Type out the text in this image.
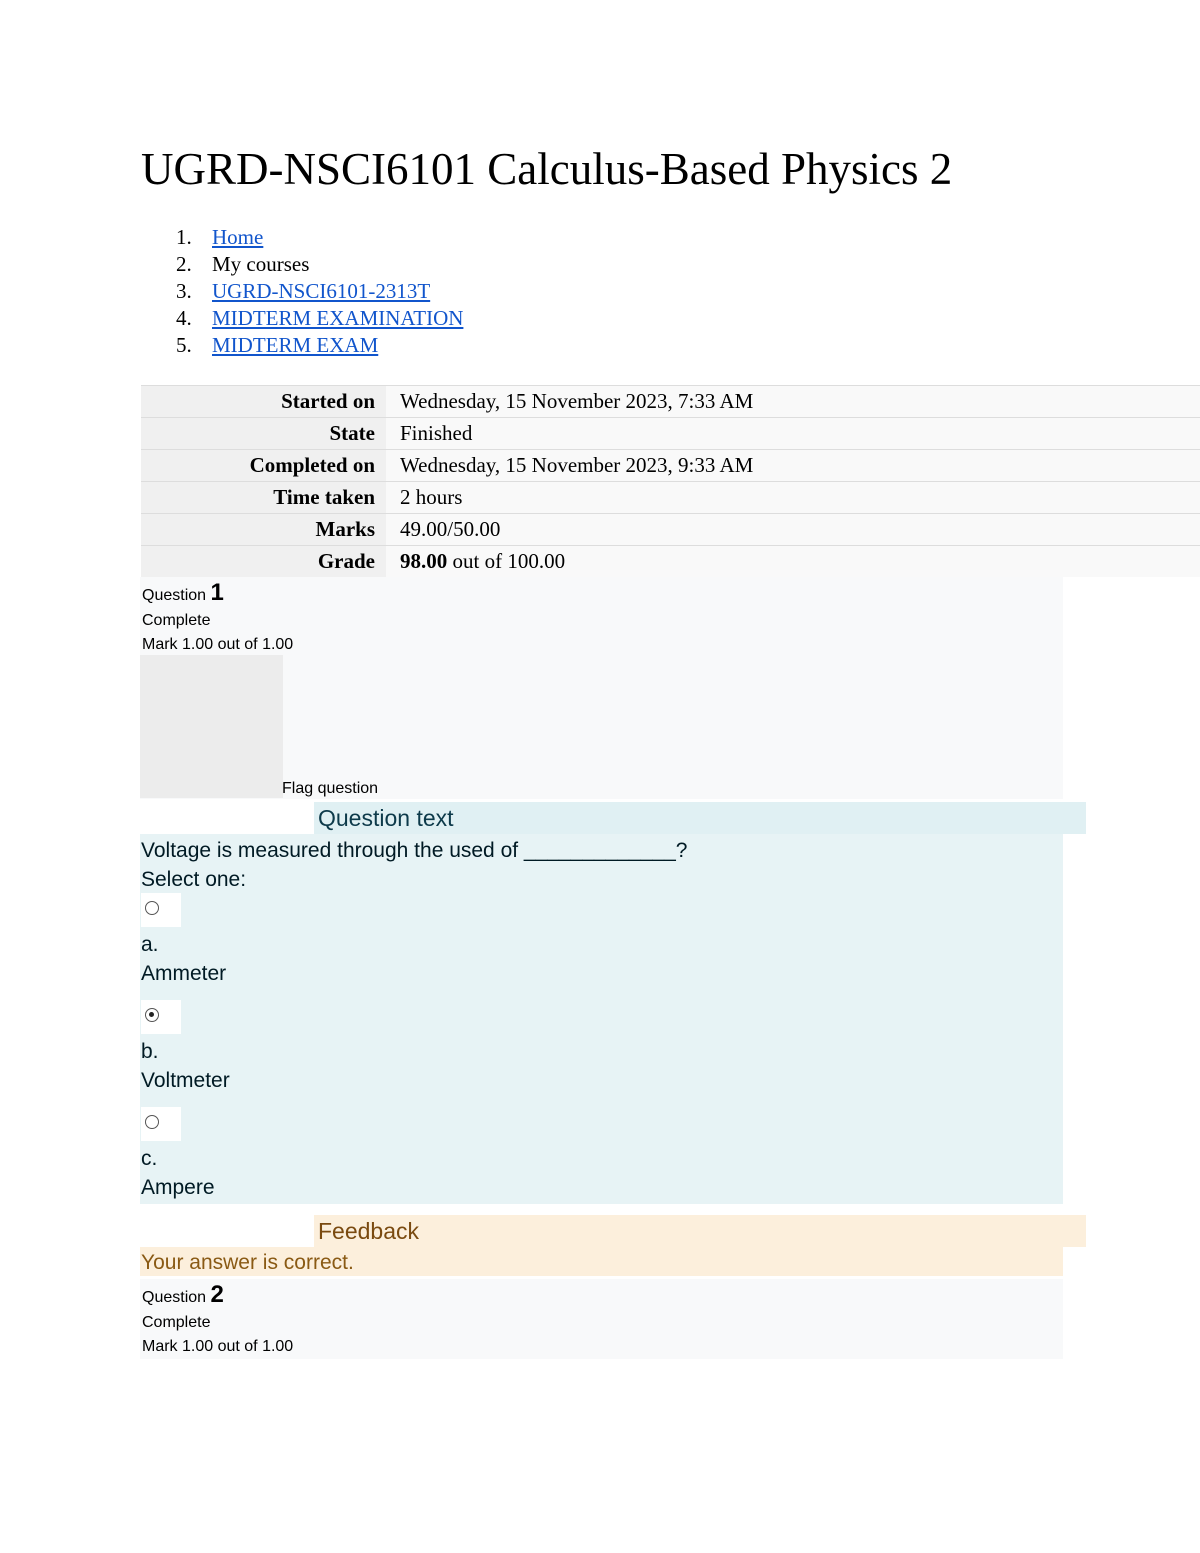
UGRD-NSCI6101 Calculus-Based Physics 2
1. Home
2. My courses
3. UGRD-NSCI6101-2313T
4. MIDTERM EXAMINATION
5. MIDTERM EXAM
Started on	Wednesday, 15 November 2023, 7:33 AM
State	Finished
Completed on	Wednesday, 15 November 2023, 9:33 AM
Time taken	2 hours
Marks	49.00/50.00
Grade	98.00 out of 100.00
Question 1
Complete
Mark 1.00 out of 1.00
Flag question
Question text
Voltage is measured through the used of _____________?
Select one:
a.
Ammeter
b.
Voltmeter
c.
Ampere
Feedback
Your answer is correct.
Question 2
Complete
Mark 1.00 out of 1.00
